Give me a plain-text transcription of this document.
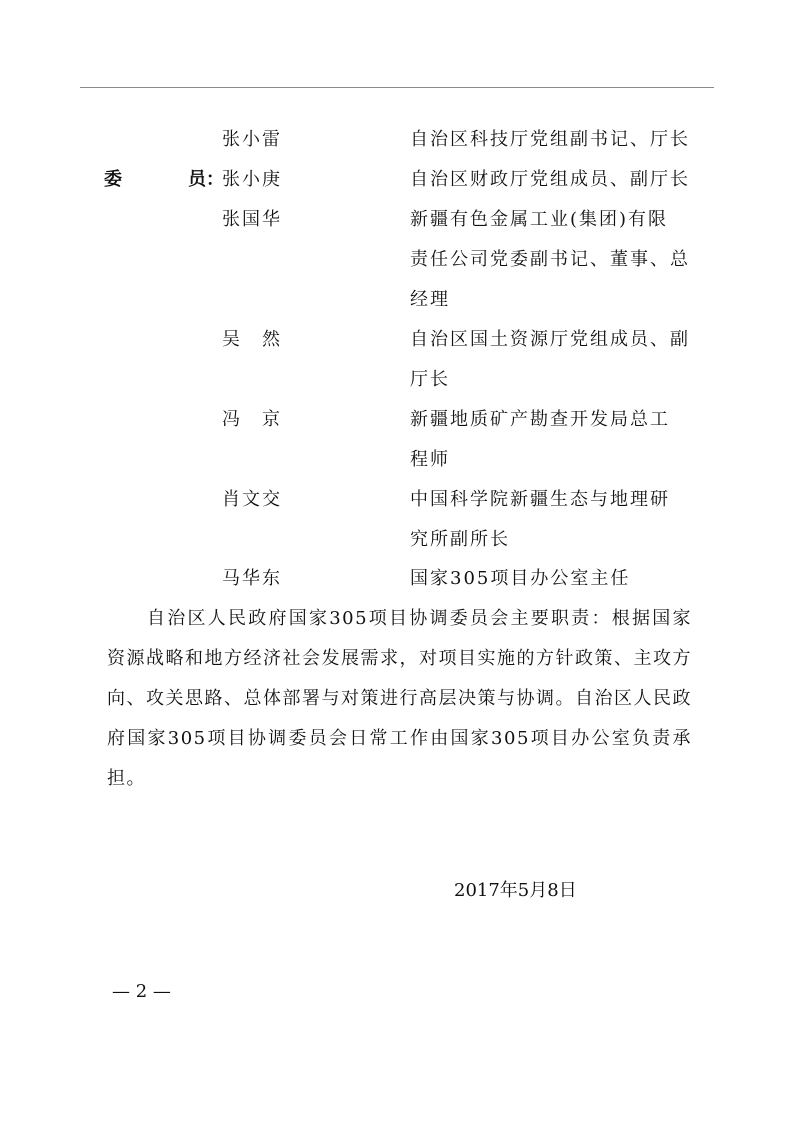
委	员：
张小雷	自治区科技厅党组副书记、厅长
张小庚	自治区财政厅党组成员、副厅长
张国华	新疆有色金属工业(集团)有限
责任公司党委副书记、董事、总
经理
吴　然	自治区国土资源厅党组成员、副
厅长
冯　京	新疆地质矿产勘查开发局总工
程师
肖文交	中国科学院新疆生态与地理研
究所副所长
马华东	国家305项目办公室主任
自治区人民政府国家305项目协调委员会主要职责：根据国家资源战略和地方经济社会发展需求，对项目实施的方针政策、主攻方向、攻关思路、总体部署与对策进行高层决策与协调。自治区人民政府国家305项目协调委员会日常工作由国家305项目办公室负责承担。
2017年5月8日
— 2 —
